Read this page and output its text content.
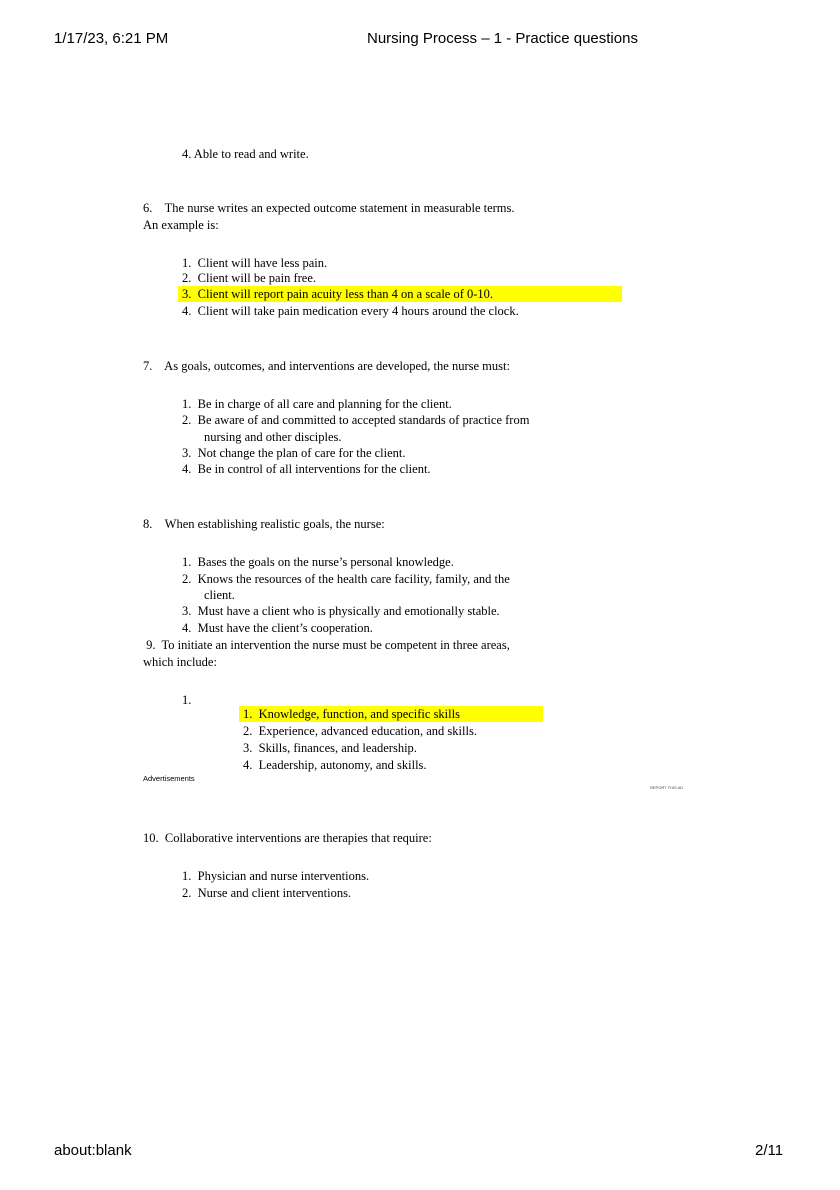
1/17/23, 6:21 PM	Nursing Process – 1 - Practice questions
4. Able to read and write.
6.    The nurse writes an expected outcome statement in measurable terms.
An example is:
1.  Client will have less pain.
2.  Client will be pain free.
3.  Client will report pain acuity less than 4 on a scale of 0-10.
4.  Client will take pain medication every 4 hours around the clock.
7.    As goals, outcomes, and interventions are developed, the nurse must:
1.  Be in charge of all care and planning for the client.
2.  Be aware of and committed to accepted standards of practice from
nursing and other disciples.
3.  Not change the plan of care for the client.
4.  Be in control of all interventions for the client.
8.    When establishing realistic goals, the nurse:
1.  Bases the goals on the nurse’s personal knowledge.
2.  Knows the resources of the health care facility, family, and the
client.
3.  Must have a client who is physically and emotionally stable.
4.  Must have the client’s cooperation.
9.  To initiate an intervention the nurse must be competent in three areas,
which include:
1.
1.  Knowledge, function, and specific skills
2.  Experience, advanced education, and skills.
3.  Skills, finances, and leadership.
4.  Leadership, autonomy, and skills.
Advertisements
REPORT THIS AD
10.  Collaborative interventions are therapies that require:
1.  Physician and nurse interventions.
2.  Nurse and client interventions.
about:blank	2/11
